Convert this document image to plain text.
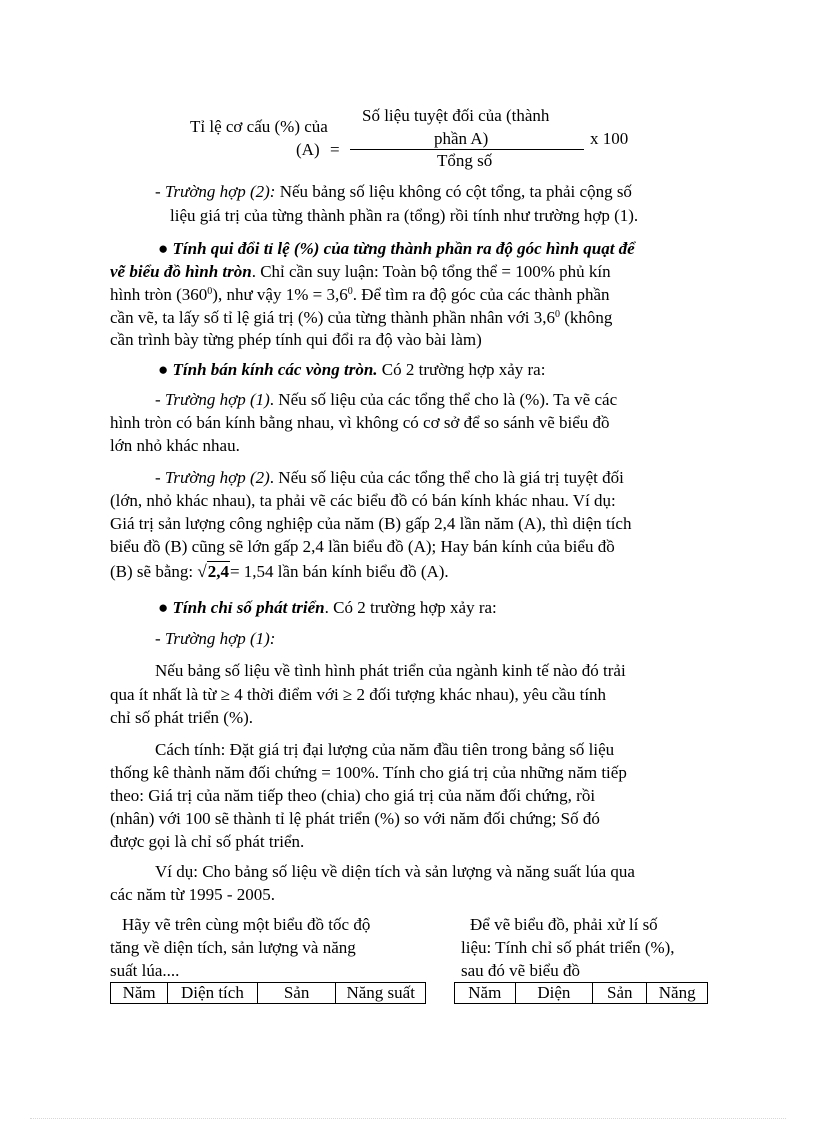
Tỉ lệ cơ cấu (%) của
(A) =
Số liệu tuyệt đối của (thành
phần A)
Tổng số
x 100
- Trường hợp (2): Nếu bảng số liệu không có cột tổng, ta phải cộng số
liệu giá trị của từng thành phần ra (tổng) rồi tính như trường hợp (1).
● Tính qui đổi tỉ lệ (%) của từng thành phần ra độ góc hình quạt để
vẽ biểu đồ hình tròn. Chỉ cần suy luận: Toàn bộ tổng thể = 100% phủ kín
hình tròn $(360^0)$, như vậy $1\% = 3,6^0$. Để tìm ra độ góc của các thành phần
cần vẽ, ta lấy số tỉ lệ giá trị (%) của từng thành phần nhân với $3,6^0$ (không
cần trình bày từng phép tính qui đổi ra độ vào bài làm)
● Tính bán kính các vòng tròn. Có 2 trường hợp xảy ra:
- Trường hợp (1). Nếu số liệu của các tổng thể cho là (%). Ta vẽ các
hình tròn có bán kính bằng nhau, vì không có cơ sở để so sánh vẽ biểu đồ
lớn nhỏ khác nhau.
- Trường hợp (2). Nếu số liệu của các tổng thể cho là giá trị tuyệt đối
(lớn, nhỏ khác nhau), ta phải vẽ các biểu đồ có bán kính khác nhau. Ví dụ:
Giá trị sản lượng công nghiệp của năm (B) gấp 2,4 lần năm (A), thì diện tích
biểu đồ (B) cũng sẽ lớn gấp 2,4 lần biểu đồ (A); Hay bán kính của biểu đồ
(B) sẽ bằng: √2,4= 1,54 lần bán kính biểu đồ (A).
● Tính chỉ số phát triển. Có 2 trường hợp xảy ra:
- Trường hợp (1):
Nếu bảng số liệu về tình hình phát triển của ngành kinh tế nào đó trải
qua ít nhất là từ ≥ 4 thời điểm với ≥ 2 đối tượng khác nhau), yêu cầu tính
chỉ số phát triển (%).
Cách tính: Đặt giá trị đại lượng của năm đầu tiên trong bảng số liệu
thống kê thành năm đối chứng = 100%. Tính cho giá trị của những năm tiếp
theo: Giá trị của năm tiếp theo (chia) cho giá trị của năm đối chứng, rồi
(nhân) với 100 sẽ thành tỉ lệ phát triển (%) so với năm đối chứng; Số đó
được gọi là chỉ số phát triển.
Ví dụ: Cho bảng số liệu về diện tích và sản lượng và năng suất lúa qua
các năm từ 1995 - 2005.
Hãy vẽ trên cùng một biểu đồ tốc độ
tăng về diện tích, sản lượng và năng
suất lúa....
Năm	Diện tích	Sản	Năng suất
Để vẽ biểu đồ, phải xử lí số
liệu: Tính chỉ số phát triển (%),
sau đó vẽ biểu đồ
Năm	Diện	Sản	Năng
